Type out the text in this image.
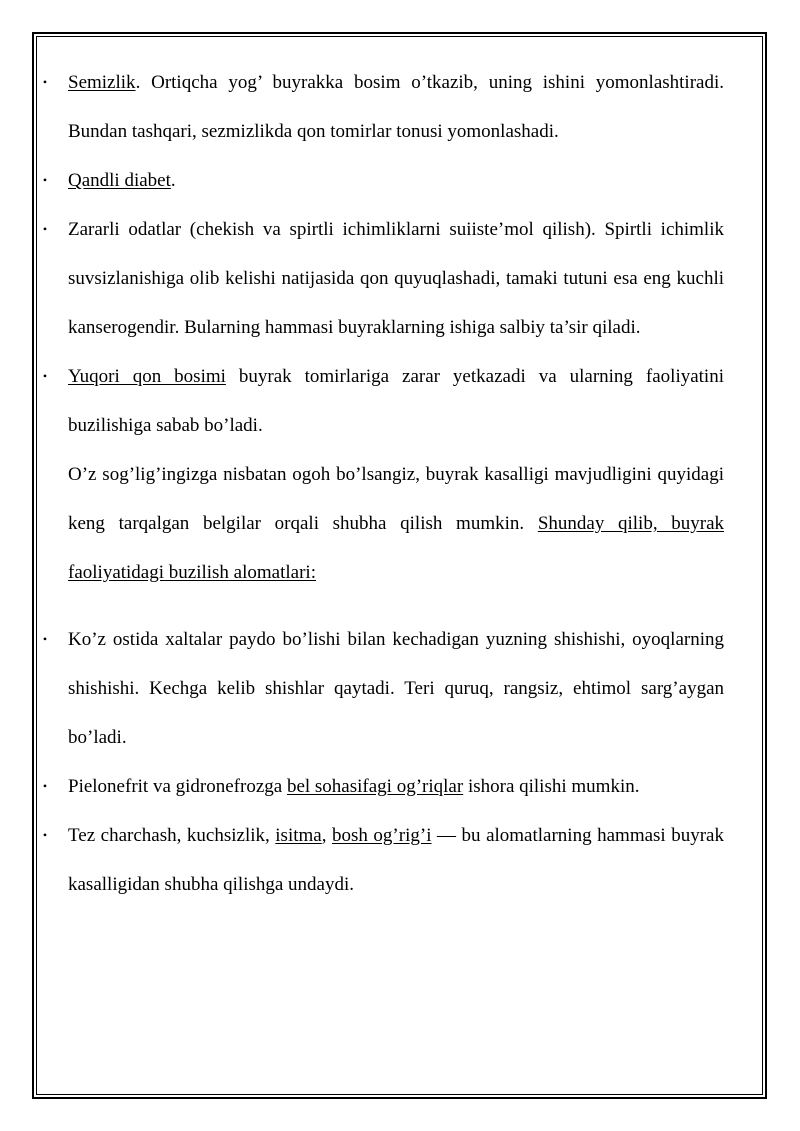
• Semizlik. Ortiqcha yog’ buyrakka bosim o’tkazib, uning ishini yomonlashtiradi. Bundan tashqari, sezmizlikda qon tomirlar tonusi yomonlashadi.
• Qandli diabet.
• Zararli odatlar (chekish va spirtli ichimliklarni suiiste’mol qilish). Spirtli ichimlik suvsizlanishiga olib kelishi natijasida qon quyuqlashadi, tamaki tutuni esa eng kuchli kanserogendir. Bularning hammasi buyraklarning ishiga salbiy ta’sir qiladi.
• Yuqori qon bosimi buyrak tomirlariga zarar yetkazadi va ularning faoliyatini buzilishiga sabab bo’ladi.
O’z sog’lig’ingizga nisbatan ogoh bo’lsangiz, buyrak kasalligi mavjudligini quyidagi keng tarqalgan belgilar orqali shubha qilish mumkin. Shunday qilib, buyrak faoliyatidagi buzilish alomatlari:
• Ko’z ostida xaltalar paydo bo’lishi bilan kechadigan yuzning shishishi, oyoqlarning shishishi. Kechga kelib shishlar qaytadi. Teri quruq, rangsiz, ehtimol sarg’aygan bo’ladi.
• Pielonefrit va gidronefrozga bel sohasifagi og’riqlar ishora qilishi mumkin.
• Tez charchash, kuchsizlik, isitma, bosh og’rig’i — bu alomatlarning hammasi buyrak kasalligidan shubha qilishga undaydi.
